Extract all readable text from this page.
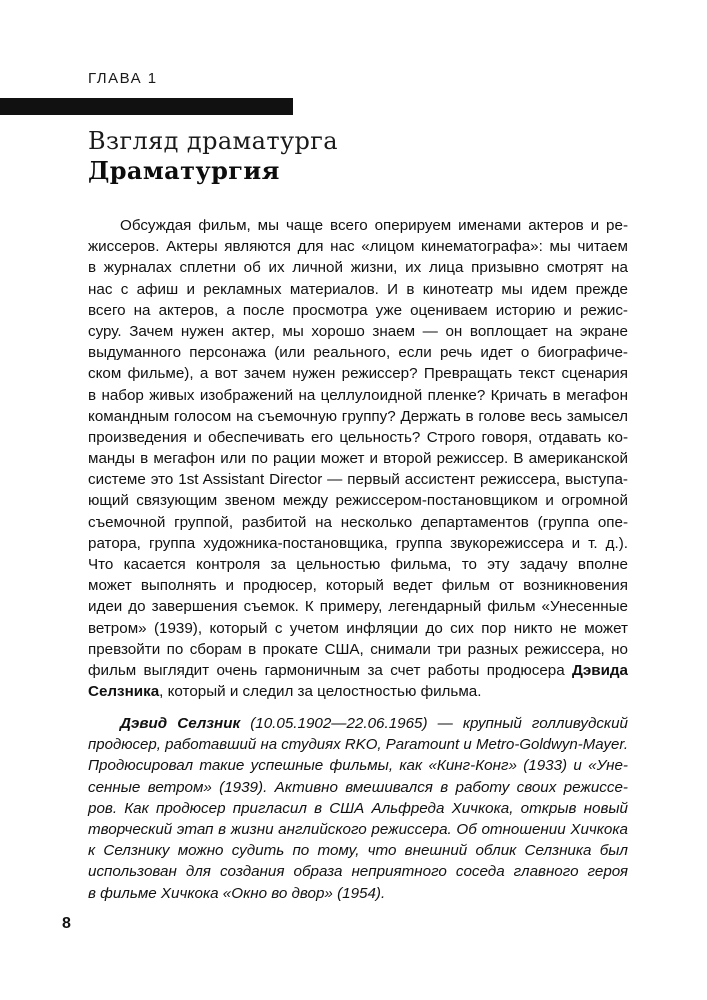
ГЛАВА 1
Взгляд драматурга
Драматургия
Обсуждая фильм, мы чаще всего оперируем именами актеров и ре-
жиссеров. Актеры являются для нас «лицом кинематографа»: мы читаем
в журналах сплетни об их личной жизни, их лица призывно смотрят на
нас с афиш и рекламных материалов. И в кинотеатр мы идем прежде
всего на актеров, а после просмотра уже оцениваем историю и режис-
суру. Зачем нужен актер, мы хорошо знаем — он воплощает на экране
выдуманного персонажа (или реального, если речь идет о биографиче-
ском фильме), а вот зачем нужен режиссер? Превращать текст сценария
в набор живых изображений на целлулоидной пленке? Кричать в мегафон
командным голосом на съемочную группу? Держать в голове весь замысел
произведения и обеспечивать его цельность? Строго говоря, отдавать ко-
манды в мегафон или по рации может и второй режиссер. В американской
системе это 1st Assistant Director — первый ассистент режиссера, выступа-
ющий связующим звеном между режиссером-постановщиком и огромной
съемочной группой, разбитой на несколько департаментов (группа опе-
ратора, группа художника-постановщика, группа звукорежиссера и т. д.).
Что касается контроля за цельностью фильма, то эту задачу вполне
может выполнять и продюсер, который ведет фильм от возникновения
идеи до завершения съемок. К примеру, легендарный фильм «Унесенные
ветром» (1939), который с учетом инфляции до сих пор никто не может
превзойти по сборам в прокате США, снимали три разных режиссера, но
фильм выглядит очень гармоничным за счет работы продюсера Дэвида
Селзника, который и следил за целостностью фильма.
Дэвид Селзник (10.05.1902—22.06.1965) — крупный голливудский
продюсер, работавший на студиях RKO, Paramount и Metro-Goldwyn-Mayer.
Продюсировал такие успешные фильмы, как «Кинг-Конг» (1933) и «Уне-
сенные ветром» (1939). Активно вмешивался в работу своих режиссе-
ров. Как продюсер пригласил в США Альфреда Хичкока, открыв новый
творческий этап в жизни английского режиссера. Об отношении Хичкока
к Селзнику можно судить по тому, что внешний облик Селзника был
использован для создания образа неприятного соседа главного героя
в фильме Хичкока «Окно во двор» (1954).
8
